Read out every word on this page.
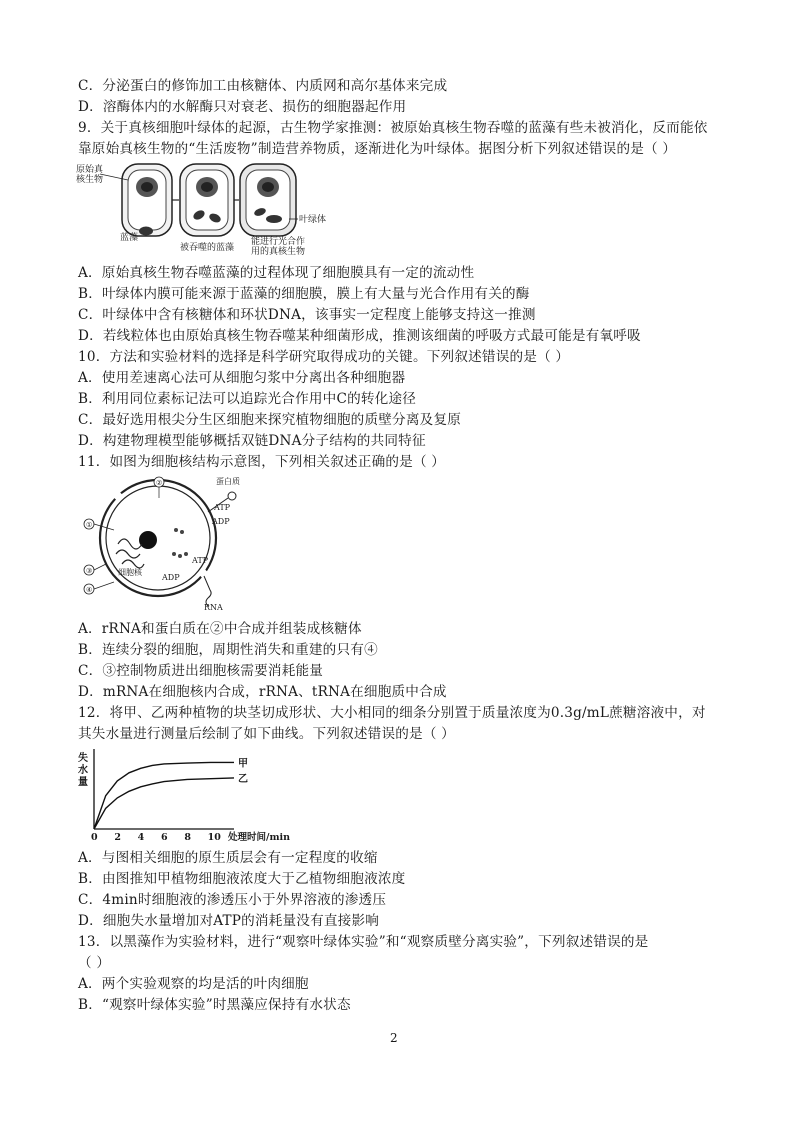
C．分泌蛋白的修饰加工由核糖体、内质网和高尔基体来完成
D．溶酶体内的水解酶只对衰老、损伤的细胞器起作用
9．关于真核细胞叶绿体的起源，古生物学家推测：被原始真核生物吞噬的蓝藻有些未被消化，反而能依
靠原始真核生物的“生活废物”制造营养物质，逐渐进化为叶绿体。据图分析下列叙述错误的是（ ）
原始真
核生物
蓝藻
被吞噬的蓝藻
叶绿体
能进行光合作
用的真核生物
A．原始真核生物吞噬蓝藻的过程体现了细胞膜具有一定的流动性
B．叶绿体内膜可能来源于蓝藻的细胞膜，膜上有大量与光合作用有关的酶
C．叶绿体中含有核糖体和环状DNA，该事实一定程度上能够支持这一推测
D．若线粒体也由原始真核生物吞噬某种细菌形成，推测该细菌的呼吸方式最可能是有氧呼吸
10．方法和实验材料的选择是科学研究取得成功的关键。下列叙述错误的是（ ）
A．使用差速离心法可从细胞匀浆中分离出各种细胞器
B．利用同位素标记法可以追踪光合作用中C的转化途径
C．最好选用根尖分生区细胞来探究植物细胞的质壁分离及复原
D．构建物理模型能够概括双链DNA分子结构的共同特征
11．如图为细胞核结构示意图，下列相关叙述正确的是（ ）
②
①
③
④
蛋白质
ATP
ADP
ATP
ADP
细胞核
RNA
A．rRNA和蛋白质在②中合成并组装成核糖体
B．连续分裂的细胞，周期性消失和重建的只有④
C．③控制物质进出细胞核需要消耗能量
D．mRNA在细胞核内合成，rRNA、tRNA在细胞质中合成
12．将甲、乙两种植物的块茎切成形状、大小相同的细条分别置于质量浓度为0.3g/mL蔗糖溶液中，对
其失水量进行测量后绘制了如下曲线。下列叙述错误的是（ ）
失水量
0 2 4 6 8 10
甲
乙
处理时间/min
A．与图相关细胞的原生质层会有一定程度的收缩
B．由图推知甲植物细胞液浓度大于乙植物细胞液浓度
C．4min时细胞液的渗透压小于外界溶液的渗透压
D．细胞失水量增加对ATP的消耗量没有直接影响
13．以黑藻作为实验材料，进行“观察叶绿体实验”和“观察质壁分离实验”，下列叙述错误的是
（ ）
A．两个实验观察的均是活的叶肉细胞
B．“观察叶绿体实验”时黑藻应保持有水状态
2
